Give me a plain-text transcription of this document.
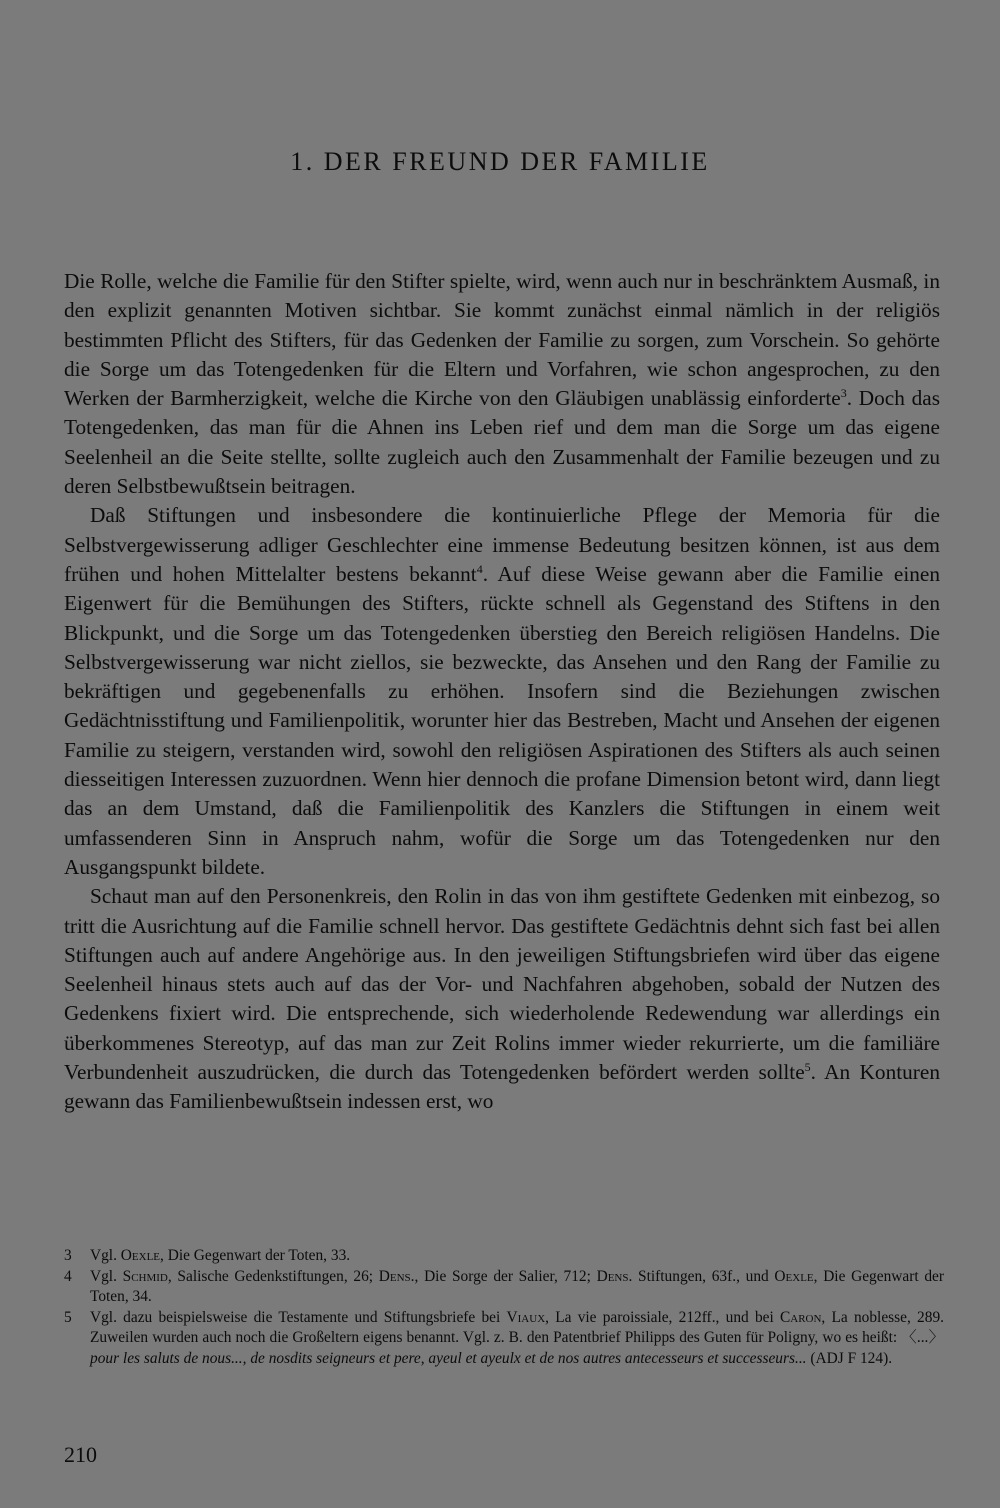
1. DER FREUND DER FAMILIE

Die Rolle, welche die Familie für den Stifter spielte, wird, wenn auch nur in beschränktem Ausmaß, in den explizit genannten Motiven sichtbar. Sie kommt zunächst einmal nämlich in der religiös bestimmten Pflicht des Stifters, für das Gedenken der Familie zu sorgen, zum Vorschein. So gehörte die Sorge um das Totengedenken für die Eltern und Vorfahren, wie schon angesprochen, zu den Werken der Barmherzigkeit, welche die Kirche von den Gläubigen unablässig einforderte$^3$. Doch das Totengedenken, das man für die Ahnen ins Leben rief und dem man die Sorge um das eigene Seelenheil an die Seite stellte, sollte zugleich auch den Zusammenhalt der Familie bezeugen und zu deren Selbstbewußtsein beitragen.

Daß Stiftungen und insbesondere die kontinuierliche Pflege der Memoria für die Selbstvergewisserung adliger Geschlechter eine immense Bedeutung besitzen können, ist aus dem frühen und hohen Mittelalter bestens bekannt$^4$. Auf diese Weise gewann aber die Familie einen Eigenwert für die Bemühungen des Stifters, rückte schnell als Gegenstand des Stiftens in den Blickpunkt, und die Sorge um das Totengedenken überstieg den Bereich religiösen Handelns. Die Selbstvergewisserung war nicht ziellos, sie bezweckte, das Ansehen und den Rang der Familie zu bekräftigen und gegebenenfalls zu erhöhen. Insofern sind die Beziehungen zwischen Gedächtnisstiftung und Familienpolitik, worunter hier das Bestreben, Macht und Ansehen der eigenen Familie zu steigern, verstanden wird, sowohl den religiösen Aspirationen des Stifters als auch seinen diesseitigen Interessen zuzuordnen. Wenn hier dennoch die profane Dimension betont wird, dann liegt das an dem Umstand, daß die Familienpolitik des Kanzlers die Stiftungen in einem weit umfassenderen Sinn in Anspruch nahm, wofür die Sorge um das Totengedenken nur den Ausgangspunkt bildete.

Schaut man auf den Personenkreis, den Rolin in das von ihm gestiftete Gedenken mit einbezog, so tritt die Ausrichtung auf die Familie schnell hervor. Das gestiftete Gedächtnis dehnt sich fast bei allen Stiftungen auch auf andere Angehörige aus. In den jeweiligen Stiftungsbriefen wird über das eigene Seelenheil hinaus stets auch auf das der Vor- und Nachfahren abgehoben, sobald der Nutzen des Gedenkens fixiert wird. Die entsprechende, sich wiederholende Redewendung war allerdings ein überkommenes Stereotyp, auf das man zur Zeit Rolins immer wieder rekurrierte, um die familiäre Verbundenheit auszudrücken, die durch das Totengedenken befördert werden sollte$^5$. An Konturen gewann das Familienbewußtsein indessen erst, wo

3 Vgl. Oexle, Die Gegenwart der Toten, 33.
4 Vgl. Schmid, Salische Gedenkstiftungen, 26; Dens., Die Sorge der Salier, 712; Dens. Stiftungen, 63f., und Oexle, Die Gegenwart der Toten, 34.
5 Vgl. dazu beispielsweise die Testamente und Stiftungsbriefe bei Viaux, La vie paroissiale, 212ff., und bei Caron, La noblesse, 289. Zuweilen wurden auch noch die Großeltern eigens benannt. Vgl. z. B. den Patentbrief Philipps des Guten für Poligny, wo es heißt: 〈...〉 pour les saluts de nous..., de nosdits seigneurs et pere, ayeul et ayeulx et de nos autres antecesseurs et successeurs... (ADJ F 124).
210
